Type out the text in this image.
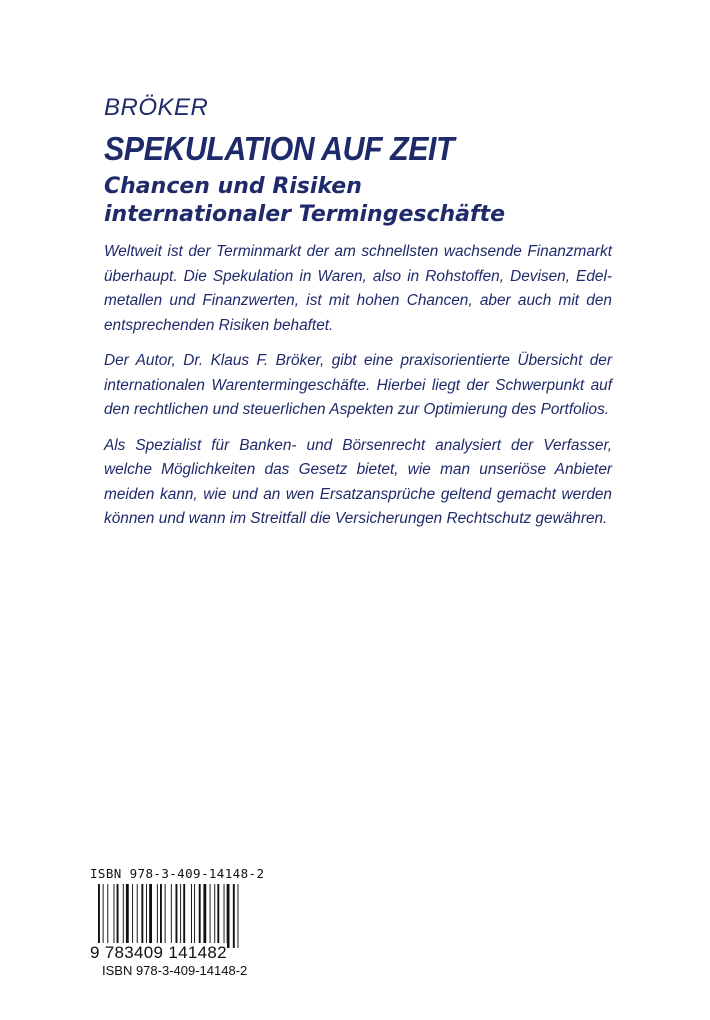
BRÖKER
SPEKULATION AUF ZEIT
Chancen und Risiken
internationaler Termingeschäfte

Weltweit ist der Terminmarkt der am schnellsten wachsende Finanzmarkt überhaupt. Die Spekulation in Waren, also in Rohstoffen, Devisen, Edel-metallen und Finanzwerten, ist mit hohen Chancen, aber auch mit den entsprechenden Risiken behaftet.

Der Autor, Dr. Klaus F. Bröker, gibt eine praxisorientierte Übersicht der internationalen Warentermingeschäfte. Hierbei liegt der Schwerpunkt auf den rechtlichen und steuerlichen Aspekten zur Optimierung des Portfolios.

Als Spezialist für Banken- und Börsenrecht analysiert der Verfasser, welche Möglichkeiten das Gesetz bietet, wie man unseriöse Anbieter meiden kann, wie und an wen Ersatzansprüche geltend gemacht werden können und wann im Streitfall die Versicherungen Rechtschutz gewähren.

ISBN 978-3-409-14148-2
9 783409 141482
ISBN 978-3-409-14148-2
